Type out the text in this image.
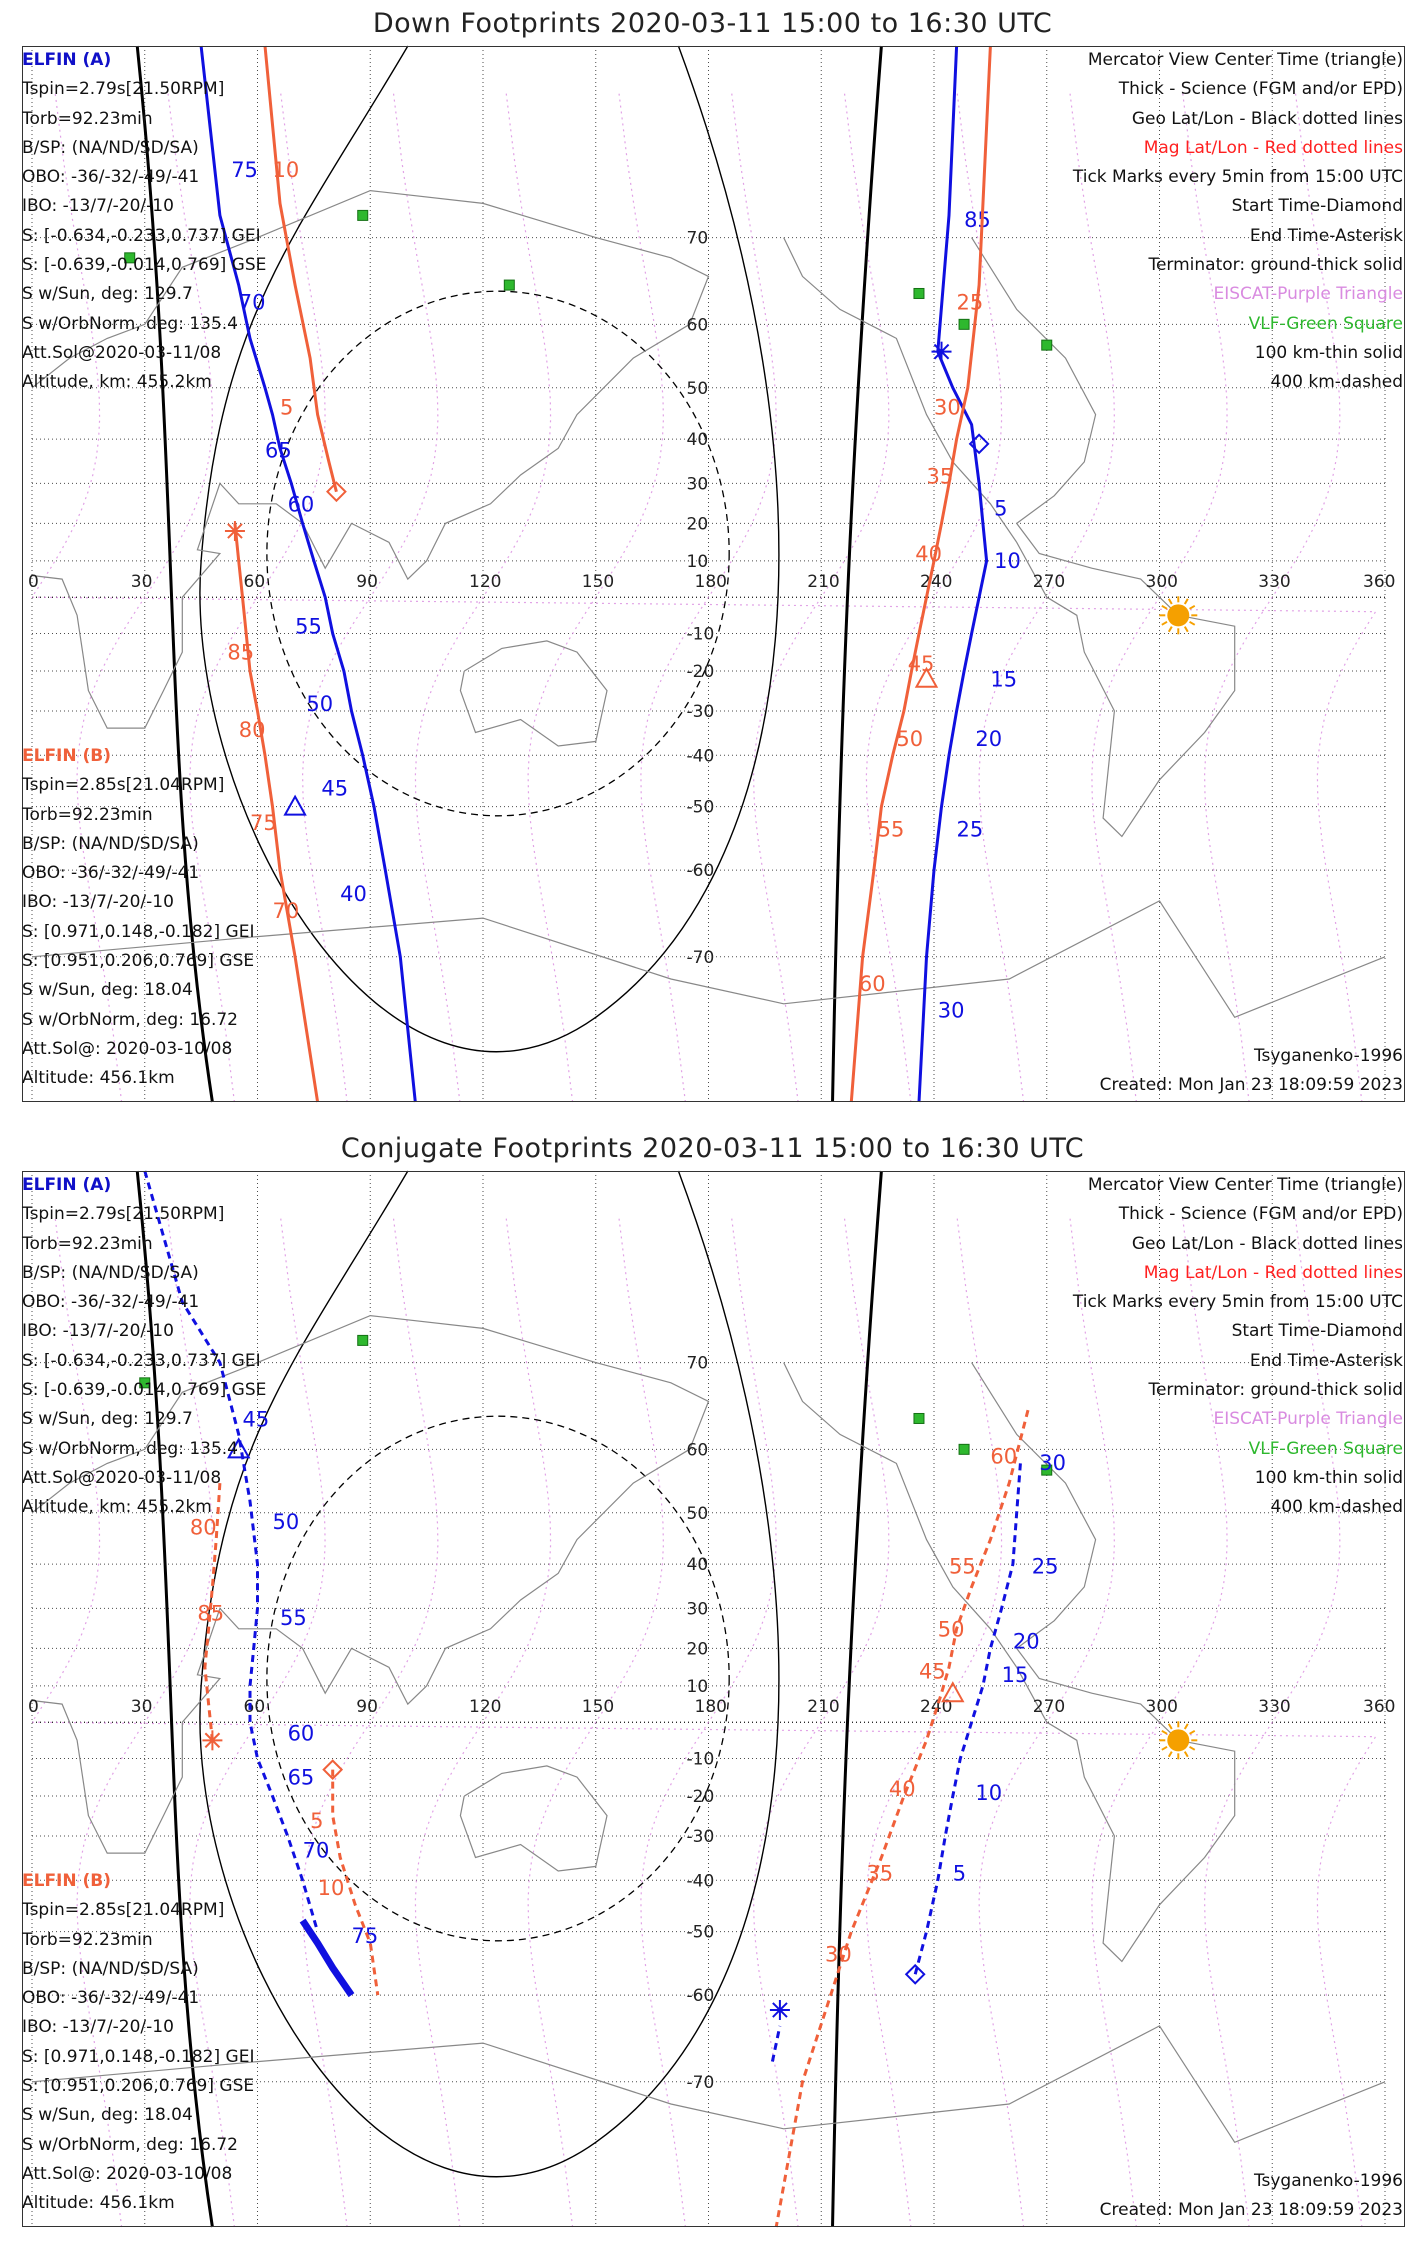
Down Footprints 2020-03-11 15:00 to 16:30 UTC
0	30	60	90	120	150	180	210	240	270	300	330	360
70
60
50
40
30
20
10
-10
-20
-30
-40
-50
-60
-70
75
70
65
60
55
50
45
40
10
5
85
80
75
70
85
5
10
15
20
25
30
25
30
35
40
45
50
55
60
ELFIN (A)
Tspin=2.79s[21.50RPM]
Torb=92.23min
B/SP: (NA/ND/SD/SA)
OBO: -36/-32/-49/-41
IBO: -13/7/-20/-10
S: [-0.634,-0.233,0.737] GEI
S: [-0.639,-0.014,0.769] GSE
S w/Sun, deg: 129.7
S w/OrbNorm, deg: 135.4
Att.Sol@2020-03-11/08
Altitude, km: 455.2km
ELFIN (B)
Tspin=2.85s[21.04RPM]
Torb=92.23min
B/SP: (NA/ND/SD/SA)
OBO: -36/-32/-49/-41
IBO: -13/7/-20/-10
S: [0.971,0.148,-0.182] GEI
S: [0.951,0.206,0.769] GSE
S w/Sun, deg: 18.04
S w/OrbNorm, deg: 16.72
Att.Sol@: 2020-03-10/08
Altitude: 456.1km
Mercator View Center Time (triangle)
Thick - Science (FGM and/or EPD)
Geo Lat/Lon - Black dotted lines
Mag Lat/Lon - Red dotted lines
Tick Marks every 5min from 15:00 UTC
Start Time-Diamond
End Time-Asterisk
Terminator: ground-thick solid
EISCAT-Purple Triangle
VLF-Green Square
100 km-thin solid
400 km-dashed
Tsyganenko-1996
Created: Mon Jan 23 18:09:59 2023
Conjugate Footprints 2020-03-11 15:00 to 16:30 UTC
0	30	60	90	120	150	180	210	240	270	300	330	360
70
60
50
40
30
20
10
-10
-20
-30
-40
-50
-60
-70
45
50
55
60
65
70
75
80
85
5
10
30
25
20
15
10
5
60
55
50
45
40
35
30
ELFIN (A)
Tspin=2.79s[21.50RPM]
Torb=92.23min
B/SP: (NA/ND/SD/SA)
OBO: -36/-32/-49/-41
IBO: -13/7/-20/-10
S: [-0.634,-0.233,0.737] GEI
S: [-0.639,-0.014,0.769] GSE
S w/Sun, deg: 129.7
S w/OrbNorm, deg: 135.4
Att.Sol@2020-03-11/08
Altitude, km: 455.2km
ELFIN (B)
Tspin=2.85s[21.04RPM]
Torb=92.23min
B/SP: (NA/ND/SD/SA)
OBO: -36/-32/-49/-41
IBO: -13/7/-20/-10
S: [0.971,0.148,-0.182] GEI
S: [0.951,0.206,0.769] GSE
S w/Sun, deg: 18.04
S w/OrbNorm, deg: 16.72
Att.Sol@: 2020-03-10/08
Altitude: 456.1km
Mercator View Center Time (triangle)
Thick - Science (FGM and/or EPD)
Geo Lat/Lon - Black dotted lines
Mag Lat/Lon - Red dotted lines
Tick Marks every 5min from 15:00 UTC
Start Time-Diamond
End Time-Asterisk
Terminator: ground-thick solid
EISCAT-Purple Triangle
VLF-Green Square
100 km-thin solid
400 km-dashed
Tsyganenko-1996
Created: Mon Jan 23 18:09:59 2023
